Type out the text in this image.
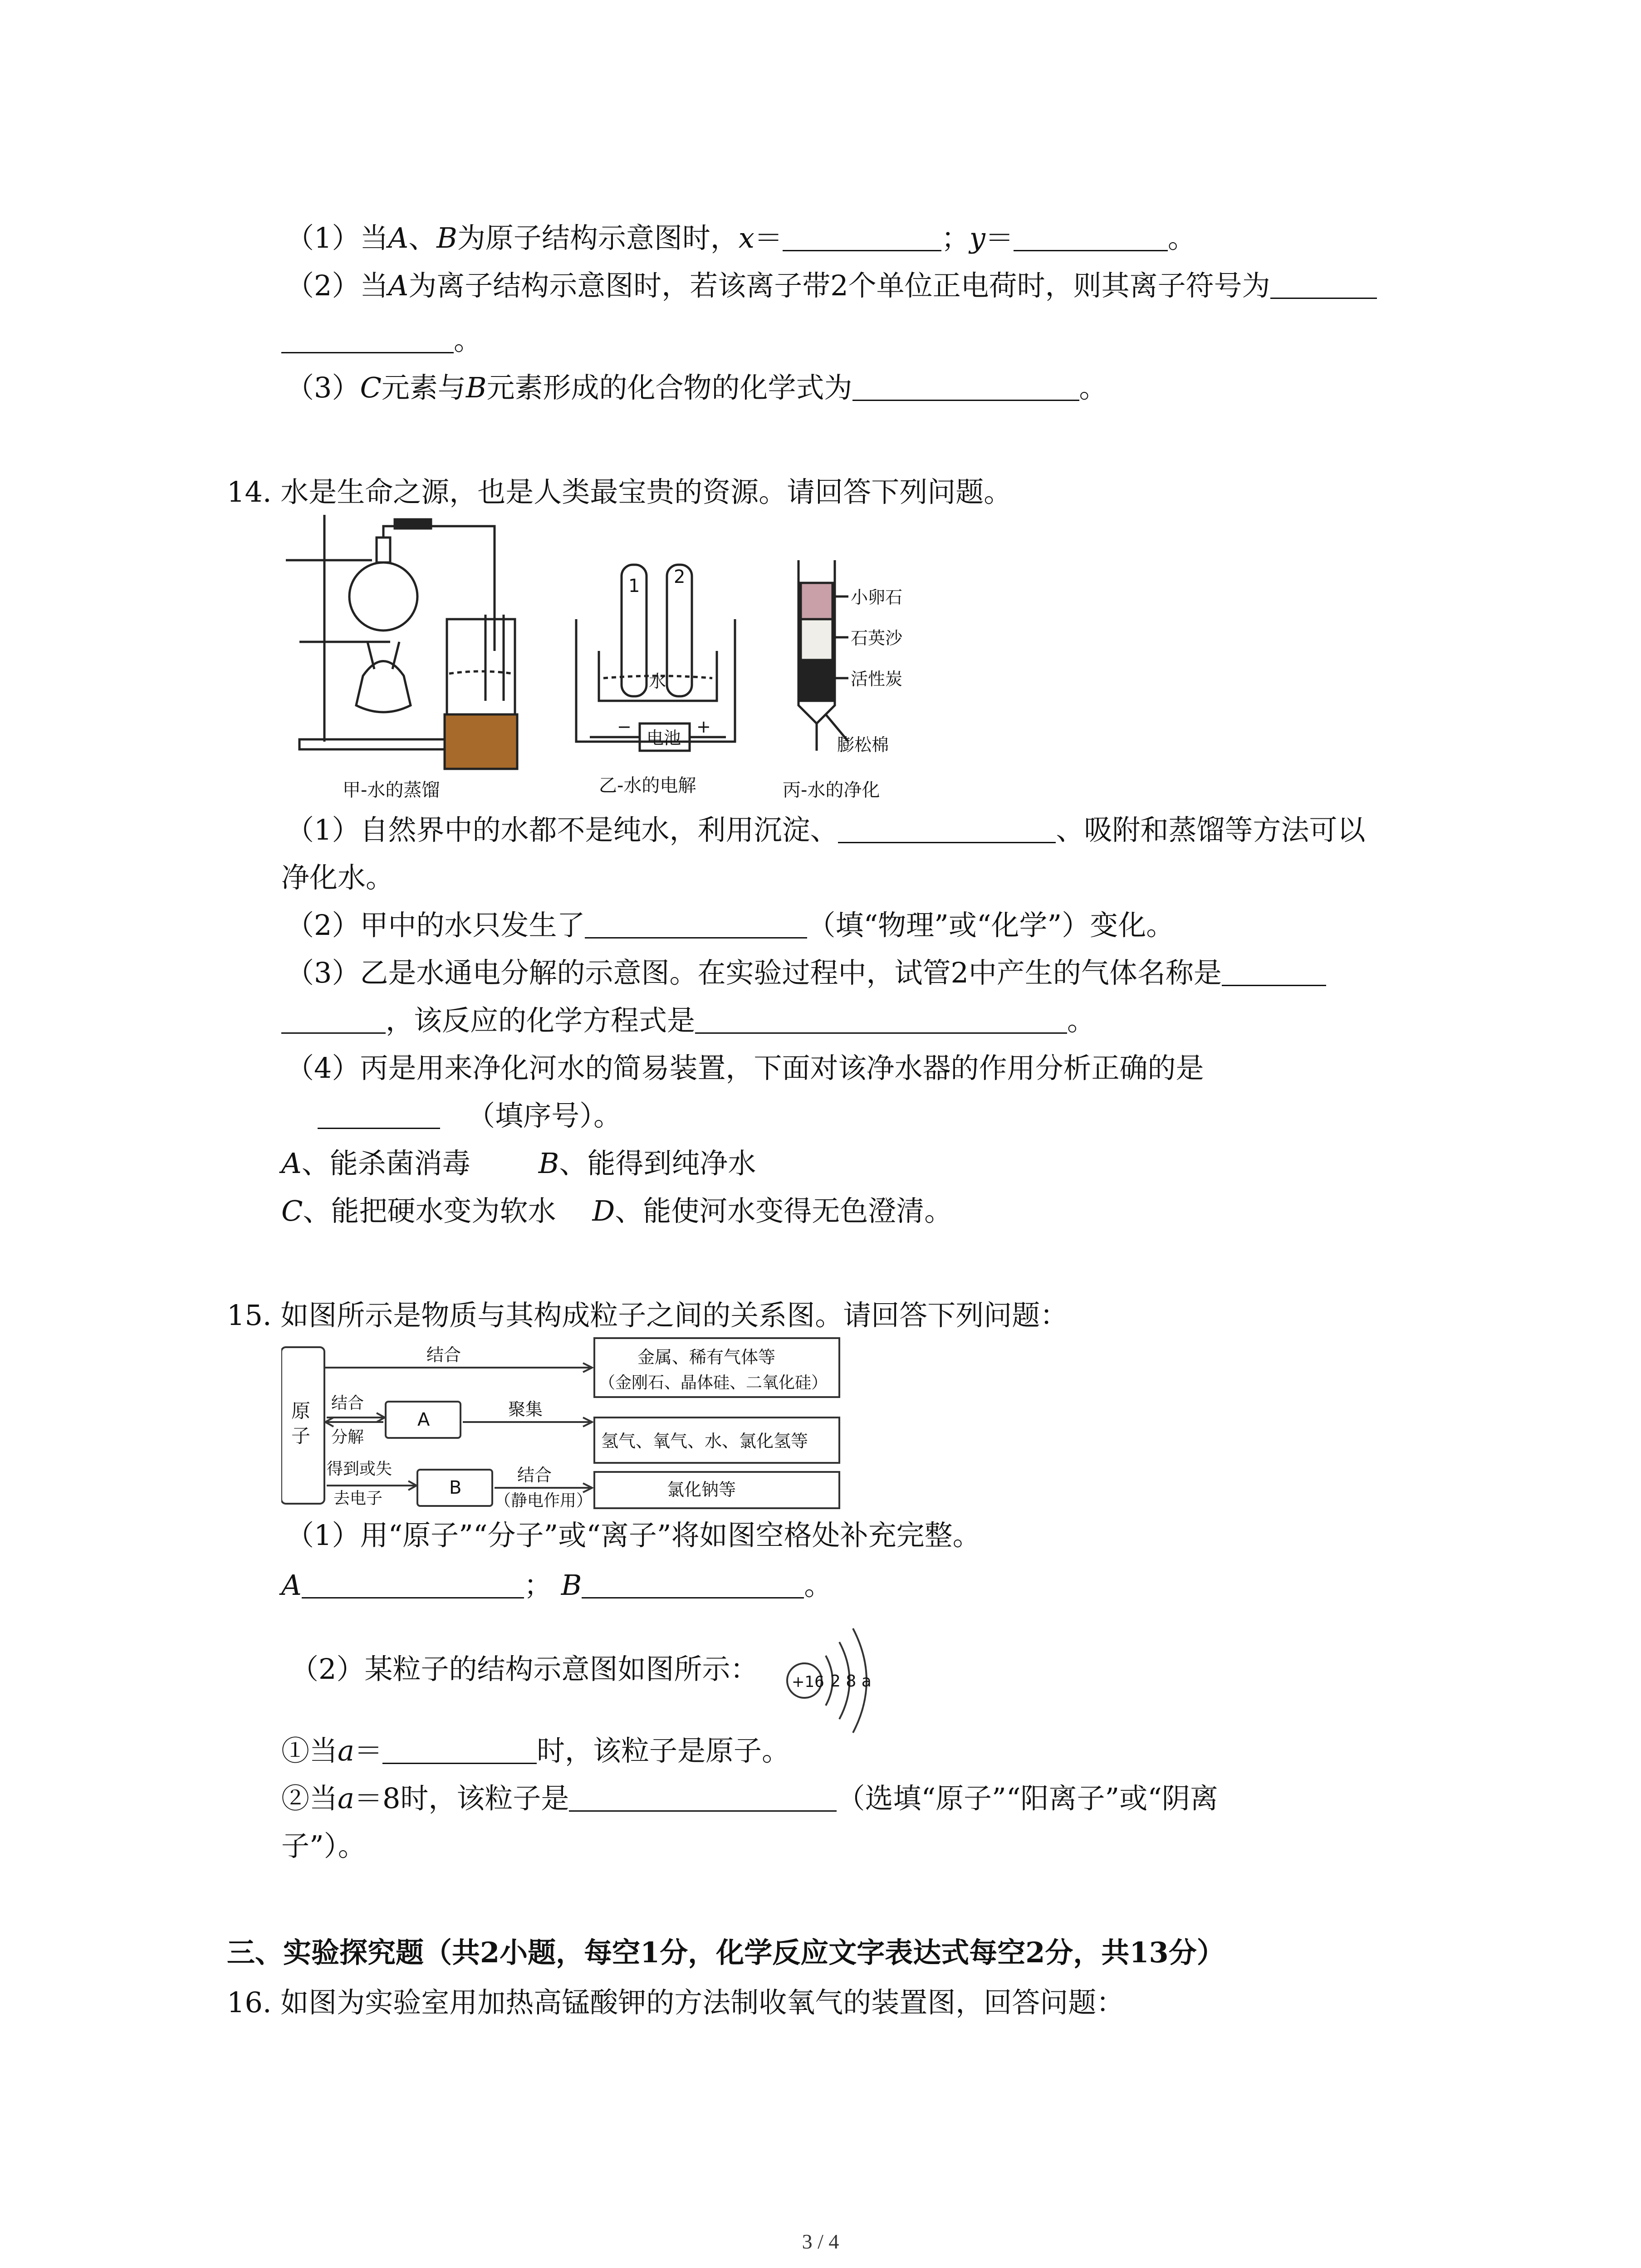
（1）当A、B为原子结构示意图时，x＝	；y＝	。
（2）当A为离子结构示意图时，若该离子带2个单位正电荷时，则其离子符号为
。
（3）C元素与B元素形成的化合物的化学式为	。
14. 水是生命之源，也是人类最宝贵的资源。请回答下列问题。
甲-水的蒸馏
1 2
水
电池
−	+
乙-水的电解
小卵石
石英沙
活性炭
膨松棉
丙-水的净化
（1）自然界中的水都不是纯水，利用沉淀、	、吸附和蒸馏等方法可以
净化水。
（2）甲中的水只发生了	（填“物理”或“化学”）变化。
（3）乙是水通电分解的示意图。在实验过程中，试管2中产生的气体名称是
，该反应的化学方程式是	。
（4）丙是用来净化河水的简易装置，下面对该净水器的作用分析正确的是
（填序号）。
A、能杀菌消毒 B、能得到纯净水
C、能把硬水变为软水 D、能使河水变得无色澄清。
15. 如图所示是物质与其构成粒子之间的关系图。请回答下列问题：
原
子
结合
结合
分解
得到或失
去电子
A
B
聚集
结合
（静电作用）
金属、稀有气体等
（金刚石、晶体硅、二氧化硅）
氢气、氧气、水、氯化氢等
氯化钠等
（1）用“原子”“分子”或“离子”将如图空格处补充完整。
A	； B	。
（2）某粒子的结构示意图如图所示： +16 2 8 a
①当a＝	时，该粒子是原子。
②当a＝8时，该粒子是	（选填“原子”“阳离子”或“阴离
子”）。
三、实验探究题（共2小题，每空1分，化学反应文字表达式每空2分，共13分）
16. 如图为实验室用加热高锰酸钾的方法制收氧气的装置图，回答问题：
3 / 4
